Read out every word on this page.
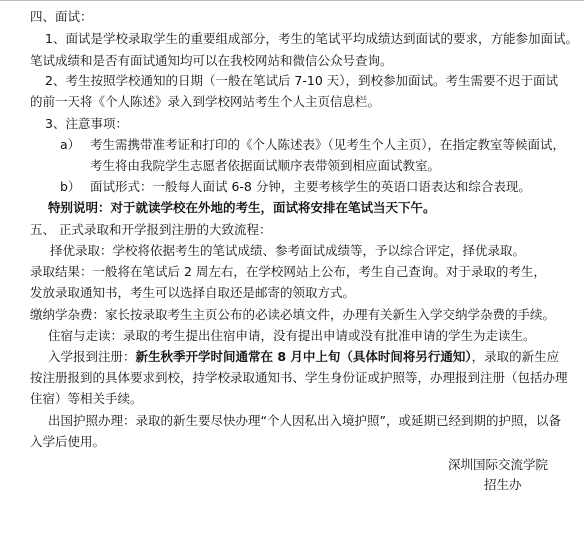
四、面试：
1、面试是学校录取学生的重要组成部分，考生的笔试平均成绩达到面试的要求，方能参加面试。
笔试成绩和是否有面试通知均可以在我校网站和微信公众号查询。
2、考生按照学校通知的日期（一般在笔试后 7-10 天），到校参加面试。考生需要不迟于面试
的前一天将《个人陈述》录入到学校网站考生个人主页信息栏。
3、注意事项：
a） 考生需携带准考证和打印的《个人陈述表》（见考生个人主页），在指定教室等候面试，
考生将由我院学生志愿者依据面试顺序表带领到相应面试教室。
b） 面试形式：一般每人面试 6-8 分钟，主要考核学生的英语口语表达和综合表现。
特别说明：对于就读学校在外地的考生，面试将安排在笔试当天下午。
五、 正式录取和开学报到注册的大致流程：
择优录取：学校将依据考生的笔试成绩、参考面试成绩等，予以综合评定，择优录取。
录取结果：一般将在笔试后 2 周左右，在学校网站上公布，考生自己查询。对于录取的考生，
发放录取通知书，考生可以选择自取还是邮寄的领取方式。
缴纳学杂费：家长按录取考生主页公布的必读必填文件，办理有关新生入学交纳学杂费的手续。
住宿与走读：录取的考生提出住宿申请，没有提出申请或没有批准申请的学生为走读生。
入学报到注册：新生秋季开学时间通常在 8 月中上旬（具体时间将另行通知），录取的新生应
按注册报到的具体要求到校，持学校录取通知书、学生身份证或护照等，办理报到注册（包括办理
住宿）等相关手续。
出国护照办理：录取的新生要尽快办理“个人因私出入境护照”，或延期已经到期的护照，以备
入学后使用。
深圳国际交流学院
招生办
